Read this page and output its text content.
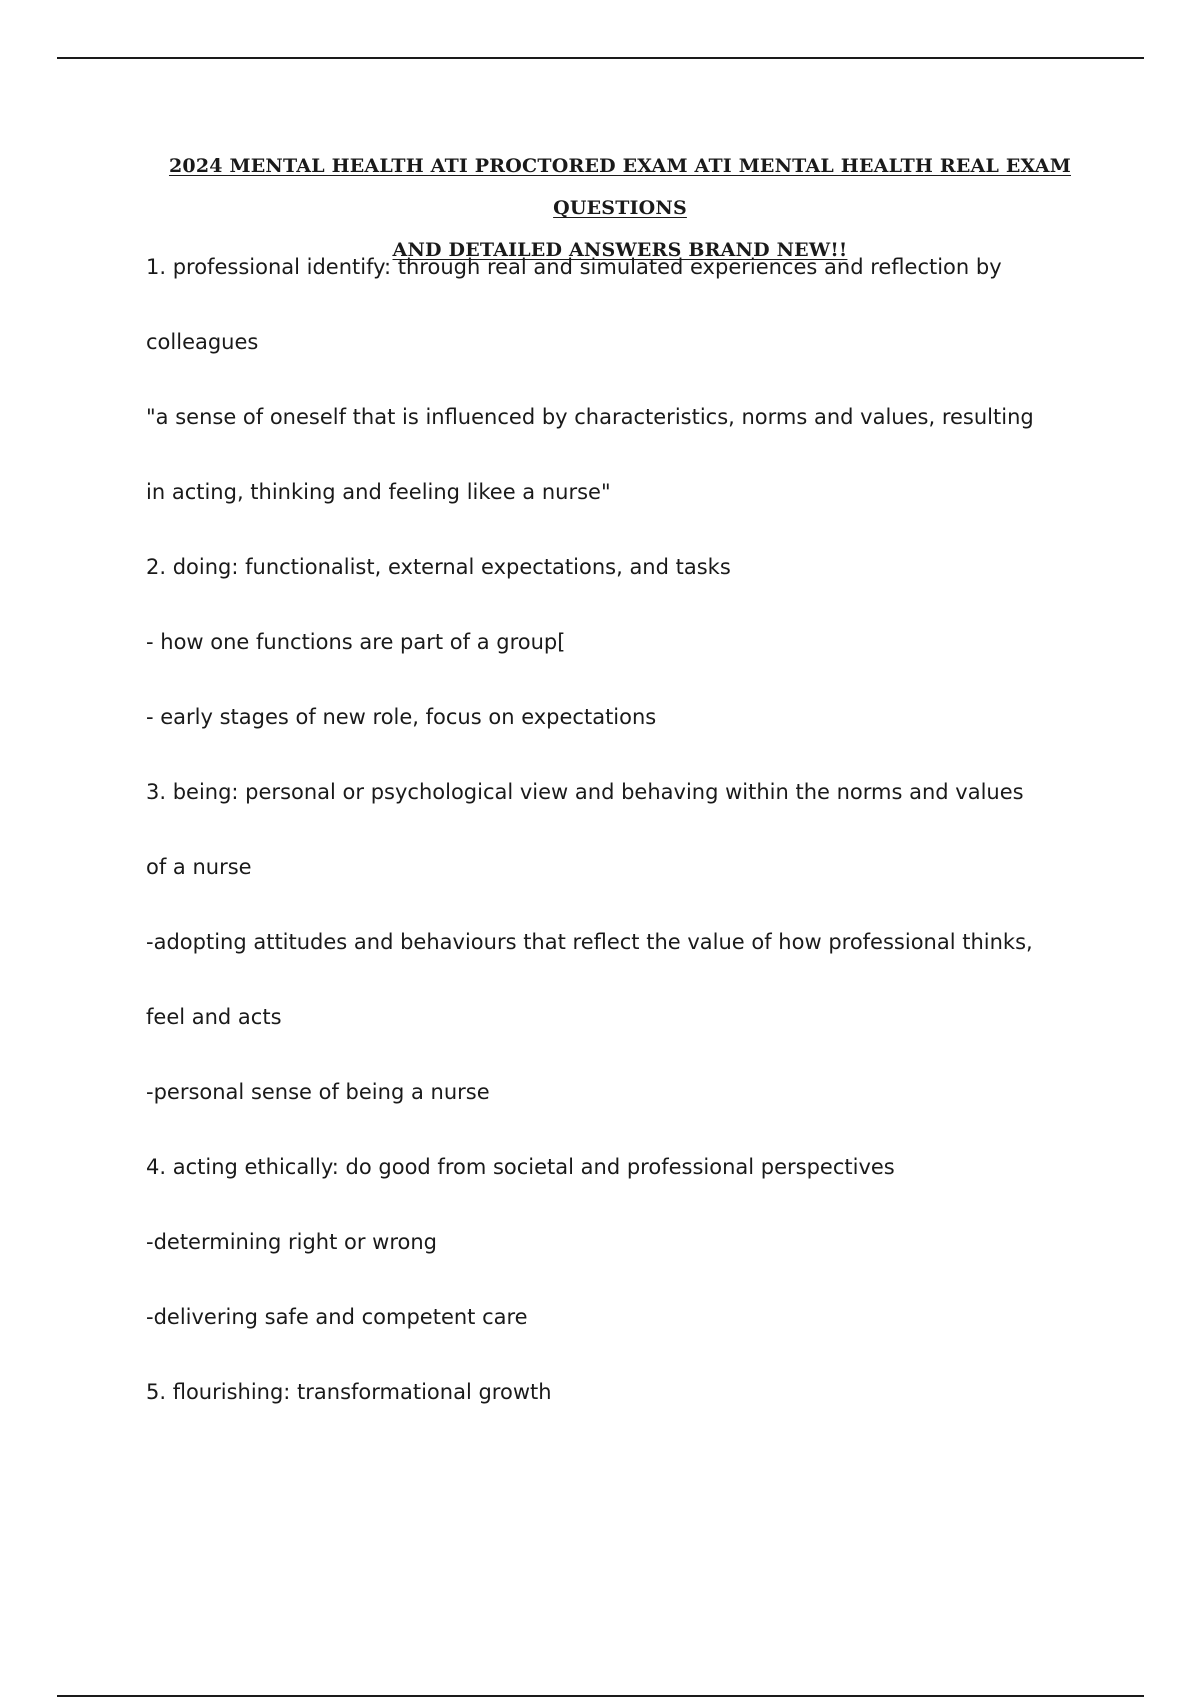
2024 MENTAL HEALTH ATI PROCTORED EXAM ATI MENTAL HEALTH REAL EXAM QUESTIONS
AND DETAILED ANSWERS BRAND NEW!!

1. professional identify: through real and simulated experiences and reflection by

colleagues

"a sense of oneself that is influenced by characteristics, norms and values, resulting

in acting, thinking and feeling likee a nurse"

2. doing: functionalist, external expectations, and tasks

- how one functions are part of a group[

- early stages of new role, focus on expectations

3. being: personal or psychological view and behaving within the norms and values

of a nurse

-adopting attitudes and behaviours that reflect the value of how professional thinks,

feel and acts

-personal sense of being a nurse

4. acting ethically: do good from societal and professional perspectives

-determining right or wrong

-delivering safe and competent care

5. flourishing: transformational growth
